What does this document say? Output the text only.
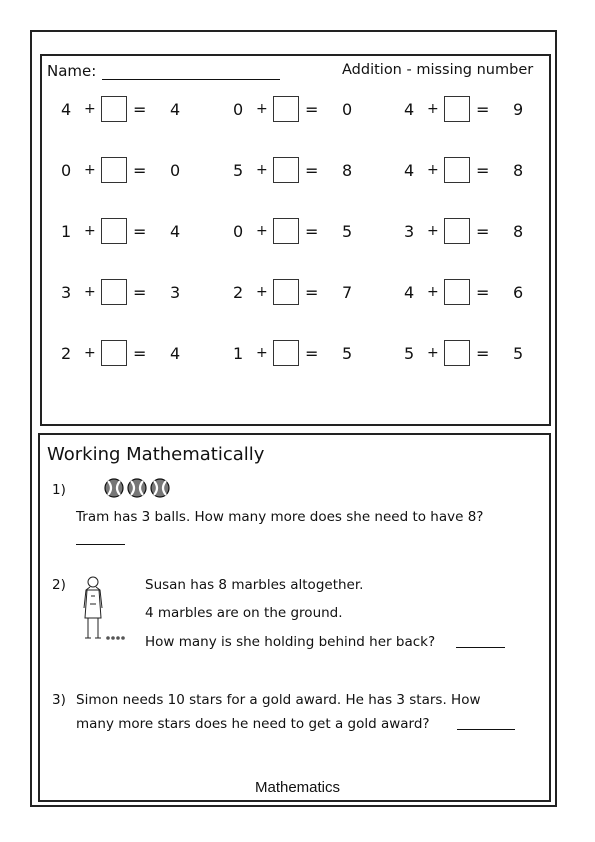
Name:	Addition - missing number
4 + = 4	0 + = 0	4 + = 9
0 + = 0	5 + = 8	4 + = 8
1 + = 4	0 + = 5	3 + = 8
3 + = 3	2 + = 7	4 + = 6
2 + = 4	1 + = 5	5 + = 5
Working Mathematically
1)
Tram has 3 balls. How many more does she need to have 8?
2)	Susan has 8 marbles altogether.
4 marbles are on the ground.
How many is she holding behind her back?
3) Simon needs 10 stars for a gold award. He has 3 stars. How
many more stars does he need to get a gold award?
Mathematics
